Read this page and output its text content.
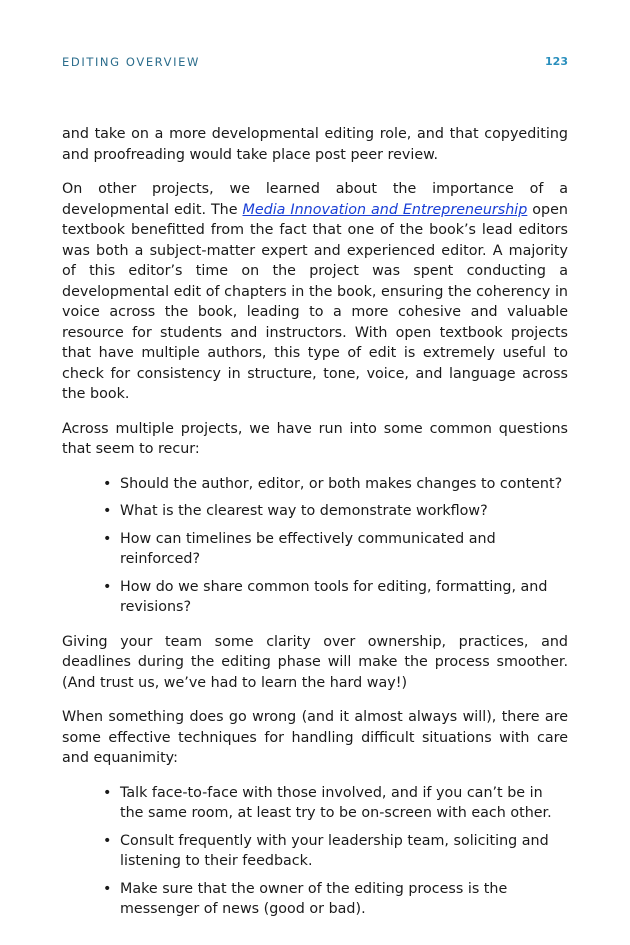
EDITING OVERVIEW	123

and take on a more developmental editing role, and that copyediting and proofreading would take place post peer review.

On other projects, we learned about the importance of a developmental edit. The Media Innovation and Entrepreneurship open textbook benefitted from the fact that one of the book’s lead editors was both a subject-matter expert and experienced editor. A majority of this editor’s time on the project was spent conducting a developmental edit of chapters in the book, ensuring the coherency in voice across the book, leading to a more cohesive and valuable resource for students and instructors. With open textbook projects that have multiple authors, this type of edit is extremely useful to check for consistency in structure, tone, voice, and language across the book.

Across multiple projects, we have run into some common questions that seem to recur:

• Should the author, editor, or both makes changes to content?
• What is the clearest way to demonstrate workflow?
• How can timelines be effectively communicated and reinforced?
• How do we share common tools for editing, formatting, and revisions?

Giving your team some clarity over ownership, practices, and deadlines during the editing phase will make the process smoother. (And trust us, we’ve had to learn the hard way!)

When something does go wrong (and it almost always will), there are some effective techniques for handling difficult situations with care and equanimity:

• Talk face-to-face with those involved, and if you can’t be in the same room, at least try to be on-screen with each other.
• Consult frequently with your leadership team, soliciting and listening to their feedback.
• Make sure that the owner of the editing process is the messenger of news (good or bad).
